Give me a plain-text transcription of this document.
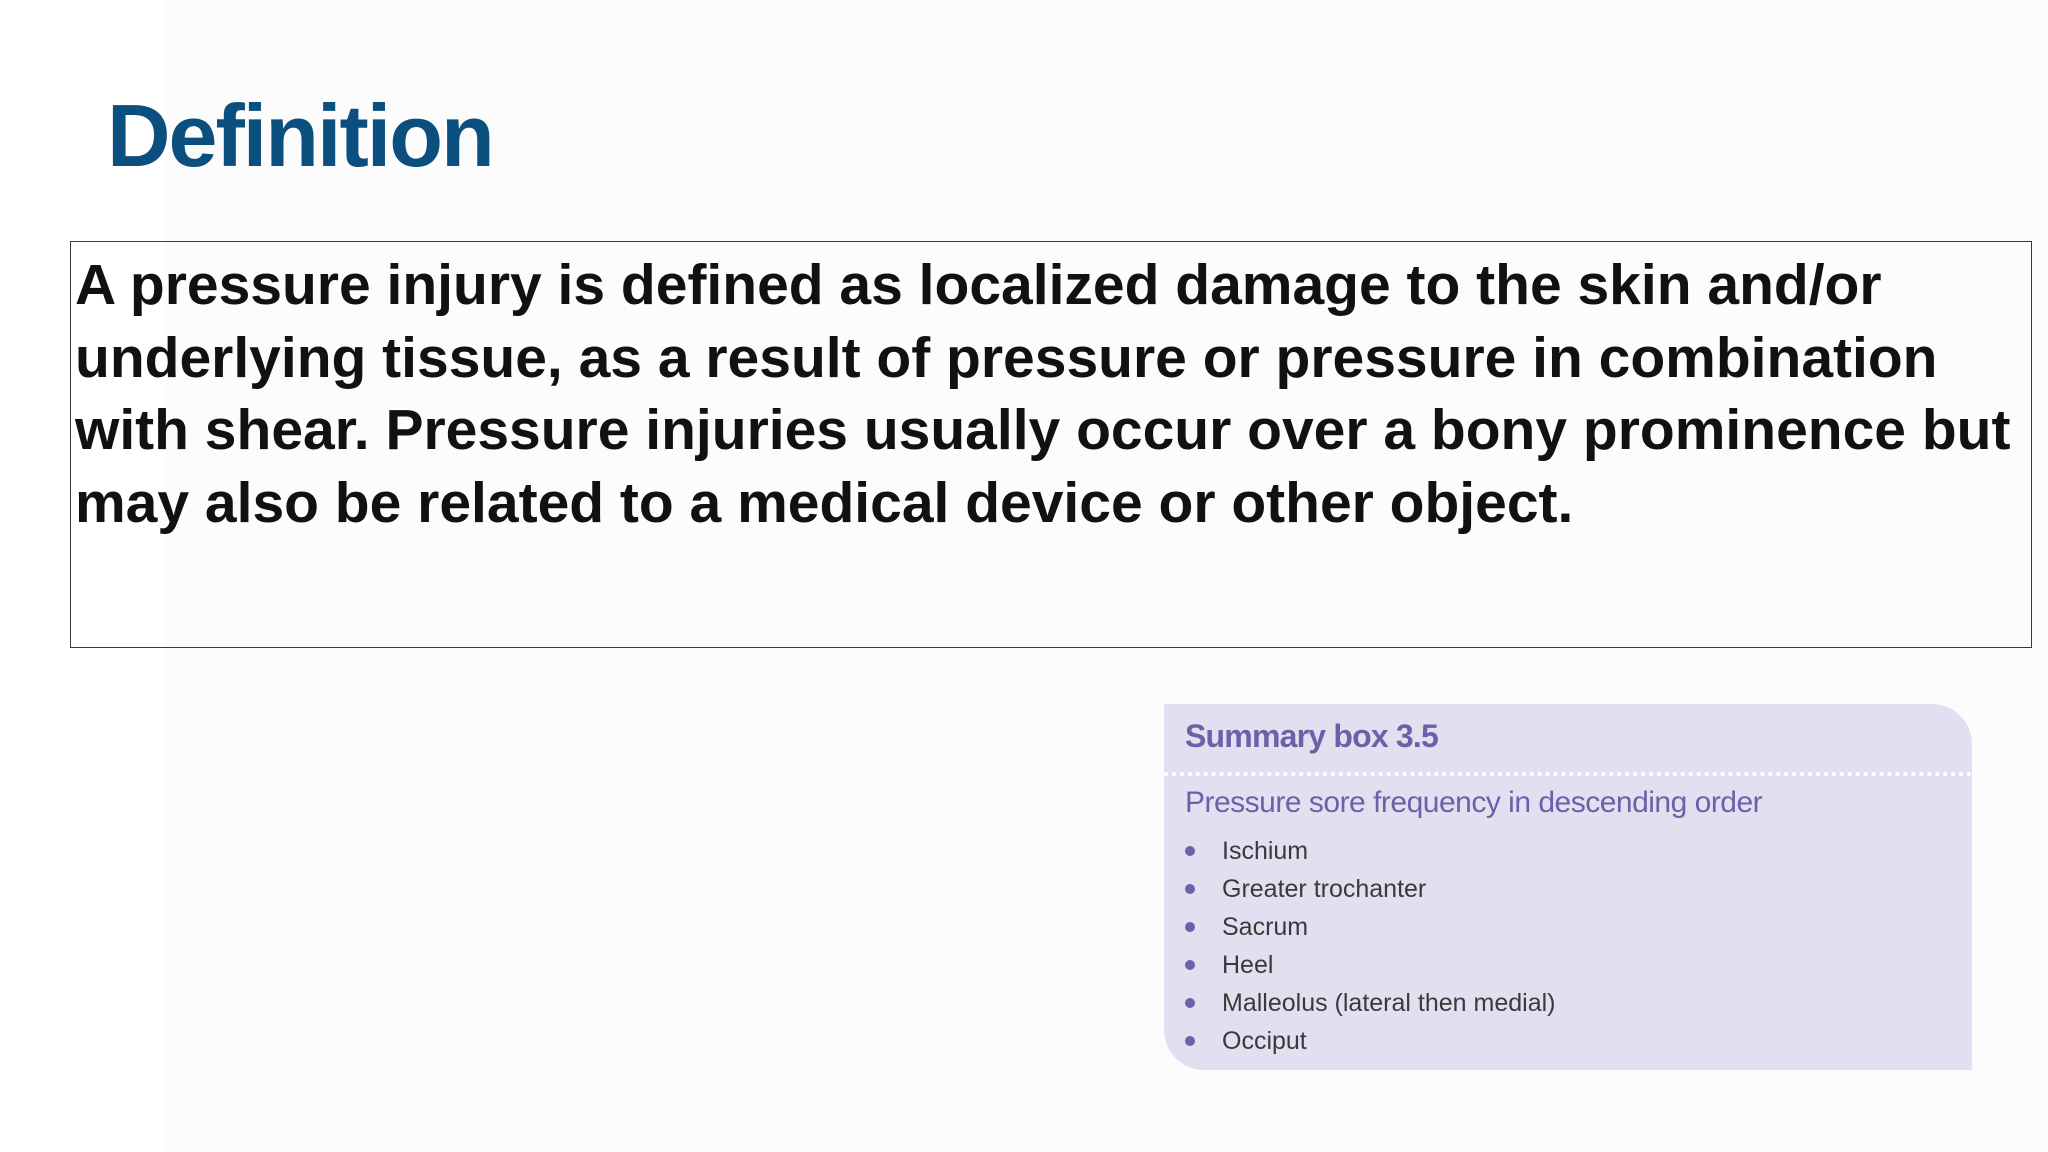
Definition

A pressure injury is defined as localized damage to the skin and/or underlying tissue, as a result of pressure or pressure in combination with shear. Pressure injuries usually occur over a bony prominence but may also be related to a medical device or other object.

Summary box 3.5

Pressure sore frequency in descending order

Ischium
Greater trochanter
Sacrum
Heel
Malleolus (lateral then medial)
Occiput
